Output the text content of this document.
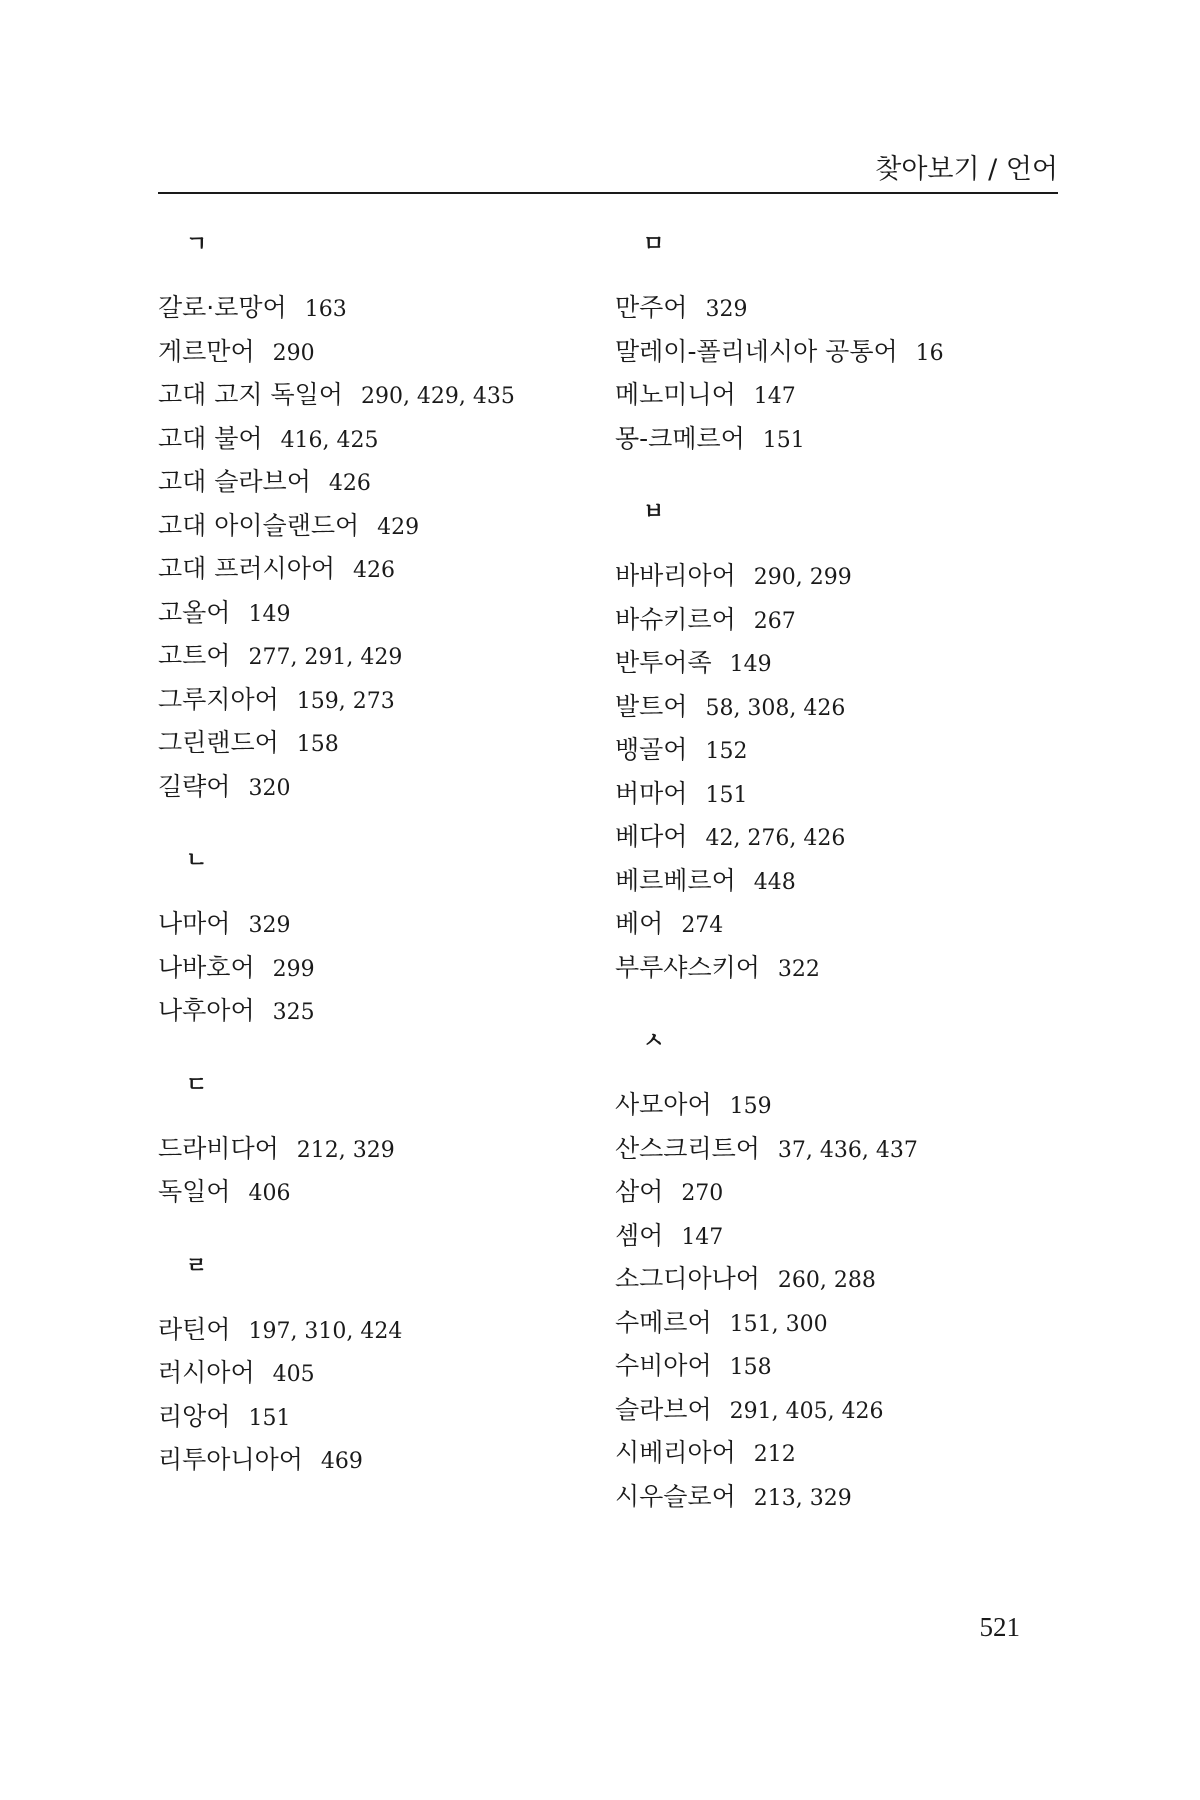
찾아보기 / 언어
ㄱ
갈로·로망어 163
게르만어 290
고대 고지 독일어 290, 429, 435
고대 불어 416, 425
고대 슬라브어 426
고대 아이슬랜드어 429
고대 프러시아어 426
고올어 149
고트어 277, 291, 429
그루지아어 159, 273
그린랜드어 158
길략어 320
ㄴ
나마어 329
나바호어 299
나후아어 325
ㄷ
드라비다어 212, 329
독일어 406
ㄹ
라틴어 197, 310, 424
러시아어 405
리앙어 151
리투아니아어 469
ㅁ
만주어 329
말레이-폴리네시아 공통어 16
메노미니어 147
몽-크메르어 151
ㅂ
바바리아어 290, 299
바슈키르어 267
반투어족 149
발트어 58, 308, 426
뱅골어 152
버마어 151
베다어 42, 276, 426
베르베르어 448
베어 274
부루샤스키어 322
ㅅ
사모아어 159
산스크리트어 37, 436, 437
삼어 270
셈어 147
소그디아나어 260, 288
수메르어 151, 300
수비아어 158
슬라브어 291, 405, 426
시베리아어 212
시우슬로어 213, 329
521
